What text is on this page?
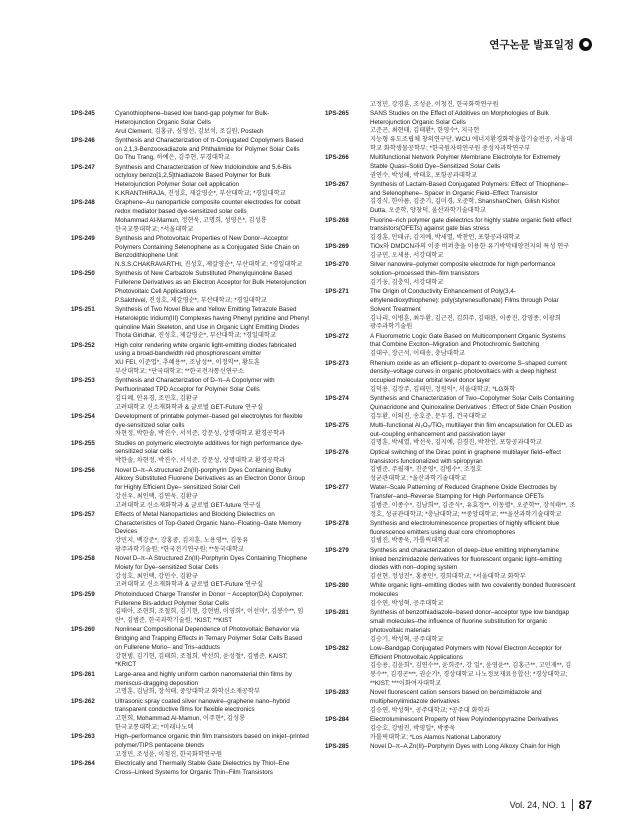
연구논문 발표일정
1PS-245	Cyanothiophene–based low band-gap polymer for Bulk-Heterojunction Organic Solar Cells
Arul Clement, 김홍규, 심영선, 김보석, 조길원, Postech
1PS-246	Synthesis and Characterization of π-Conjugated Copolymers Based on 2,1,3-Benzooxadiazole and Phthalimide for Polymer Solar Cells
Do Thu Trang, 하예은, 김주현, 부경대학교
1PS-247	Synthesis and Characterization of New Indoloindole and 5,6-Bis octyloxy benzo[1,2,5]thiadiazole Based Polymer for Bulk Heterojunction Polymer Solar cell application
K.KRANTHIRAJA, 진성호, 제갈영순*, 부산대학교; *경일대학교
1PS-248	Graphene–Au nanoparticle composite counter electrodes for cobalt redox mediator based dye-sensitized solar cells
Mohammad Al-Mamun, 정현욱, 고명희, 성영은*, 김성룡
한국교통대학교; *서울대학교
1PS-249	Synthesis and Photovoltaic Properties of New Donor–Acceptor Polymers Containing Selenophene as a Conjugated Side Chain on Benzodithiophene Unit
N.S.S.CHAKRAVARTHI, 진성호, 제갈영순*, 부산대학교; *경일대학교
1PS-250	Synthesis of New Carbazole Substituted Phenylquinoline Based Fullerene Derivatives as an Electron Acceptor for Bulk Heterojunction Photovoltaic Cell Applications
P.Sakthivel, 진성호, 제갈영순*, 부산대학교; *경일대학교
1PS-251	Synthesis of Two Novel Blue and Yellow Emitting Tetrazole Based Heteroleptic Iridium(III) Complexes having Phenyl pyridine and Phenyl quinoline Main Skeleton, and Use in Organic Light Emitting Diodes
Thota Giridhar, 진성호, 제갈영순*, 부산대학교; *경일대학교
1PS-252	High color rendering white organic light-emitting diodes fabricated using a broad-bandwidth red phosphorescent emitter
XU FEI, 이준엽*, 추혜용**, 조남성**, 이정익**, 황도훈
부산대학교; *단국대학교; **한국전자통신연구소
1PS-253	Synthesis and Characterization of D–π–A Copolymer with Perfluorinated TPD Acceptor for Polymer Solar Cells
김디혜, 안유경, 조민호, 김환규
고려대학교 신소재화학과 & 글로벌 GET-Future 연구실
1PS-254	Development of printable polymer–based gel electrolytes for flexible dye-sensitized solar cells
차현정, 박한솔, 박진수, 서석준, 강문성, 상명대학교 환경공학과
1PS-255	Studies on polymeric electrolyte additives for high performance dye-sensitized solar cells
박한솔, 차현정, 박진수, 서석준, 강문성, 상명대학교 환경공학과
1PS-256	Novel D–π–A structured Zn(II)-porphyrin Dyes Containing Bulky Alkoxy Substituted Fluorene Derivatives as an Electron Donor Group for Highly Efficient Dye– sensitized Solar Cell
강선우, 최인택, 김연욱, 김환규
고려대학교 신소재화학과 & 글로벌 GET-future 연구실
1PS-257	Effects of Metal Nanoparticles and Blocking Dielectrics on Characteristics of Top-Gated Organic Nano–Floating–Gate Memory Devices
강민지, 백강준*, 강홍중, 김지훈, 노용영**, 김동유
광주과학기술원; *한국전기연구원; **동국대학교
1PS-258	Novel D–π–A Structured Zn(II)-Porphyrin Dyes Containing Thiophene Moiety for Dye–sensitized Solar Cells
강성호, 최인택, 강민수, 김환규
고려대학교 신소재화학과 & 글로벌 GET-Future 연구실
1PS-259	Photoinduced Charge Transfer in Donor − Acceptor(DA) Copolymer: Fullerene Bis-adduct Polymer Solar Cells
김태아, 조현희, 조철희, 김기현, 강현범, 이영희*, 이선미*, 김봉수**, 임란*, 김범준, 한국과학기술원; *KIST; **KIST
1PS-260	Nonlinear Compositional Dependence of Photovoltaic Behavior via Bridging and Trapping Effects in Ternary Polymer Solar Cells Based on Fullerene Mono– and Tris–adducts
강현범, 김기현, 김태희, 조철희, 박선희, 윤성철*, 김범준, KAIST; *KRICT
1PS-261	Large-area and highly uniform carbon nanomaterial thin films by meniscus-dragging deposition
고명훈, 김남희, 장석태, 중앙대학교 화학신소재공학부
1PS-262	Ultrasonic spray coated silver nanowire–graphene nano–hybrid transparent conductive films for flexible electronics
고현희, Mohammad Al-Mamun, 이주현*, 김성룡
한국교통대학교; *미래나노텍
1PS-263	High–performance organic thin film transistors based on inkjet–printed polymer/TIPS pentacene blends
고정민, 조성윤, 이청진, 한국화학연구원
1PS-264	Electrically and Thermally Stable Gate Dielectrics by Thiol–Ene Cross–Linked Systems for Organic Thin–Film Transistors
고정민, 강경훈, 조성윤, 이청진, 한국화학연구원
1PS-265	SANS Studies on the Effect of Additives on Morphologies of Bulk Heterojunction Organic Solar Cells
고준곤, 최현태, 김태환*, 한영수*, 지극헌
지능형 유도조립체 창의연구단, WCU 에너지환경화학융합기술전공, 서울대학교 화학생물공학부; *한국원자력연구원 중성자과학연구부
1PS-266	Multifunctional Network Polymer Membrane Electrolyte for Extremely Stable Quasi–Solid Dye–Sensitized Solar Cells
권연수, 박성해, 박태호, 포항공과대학교
1PS-267	Synthesis of Lactam-Based Conjugated Polymers: Effect of Thiophene– and Selenophene– Spacer in Organic Field–Effect Transistor
김경식, 한아름, 김준기, 김미경, 오준학, ShanshanChen, Gilish Kishor Dutta, 오준학, 양창덕, 울산과학기술대학교
1PS-268	Fluorine–rich polymer gate dielectrics for highly stable organic field effect transistors(OFETs) against gate bias stress
김경훈, 안태규, 김지예, 박세열, 박찬언, 포항공과대학교
1PS-269	TiOx와 DMDCN과의 이중 버퍼층을 이용한 유기박막태양전지의 특성 연구
김규민, 오세용, 서강대학교
1PS-270	Silver nanowire–polymer composite electrode for high performance solution–processed thin–film transistors
김기웅, 김충익, 서강대학교
1PS-271	The Origin of Conductivity Enhancement of Poly(3,4-ethylenedioxythiophene): poly(styrenesulfonate) Films through Polar Solvent Treatment
김나리, 이병훈, 최두환, 김근진, 김희주, 김태완, 이종진, 강영종, 이광희
광주과학기술원
1PS-272	A Fluorometric Logic Gate Based on Multicomponent Organic Systems that Combine Exciton–Migration and Photochromic Switching
김대구, 장근석, 이태송, 충남대학교
1PS-273	Rhenium oxide as an efficient p–dopant to overcome S–shaped current density–voltage curves in organic photovoltaics with a deep highest occupied molecular orbital level donor layer
김덕용, 김장주, 김태민, 정원익*, 서울대학교; *LG화학
1PS-274	Synthesis and Characterization of Two–Copolymer Solar Cells Containing Quinacridone and Quinoxaline Derivatives : Effect of Side Chain Position
김두환, 이의진, 송호준, 문두경, 건국대학교
1PS-275	Multi–functional Al₂O₃/TiO₂ multilayer thin film encapsulation for OLED as out–coupling enhancement and passivation layer
김명훈, 박세열, 박선욱, 김지예, 김경진, 박찬언, 포항공과대학교
1PS-276	Optical switching of the Dirac point in graphene multilayer field–effect transistors functionalized with spiropyran
김범준, 주필재*, 진준영*, 김병수*, 조정호
성균관대학교; *울산과학기술대학교
1PS-277	Water–Scale Patterning of Reduced Graphene Oxide Electrodes by Transfer–and–Reverse Stamping for High Performance OFETs
김범준, 이종수*, 김남희**, 김준식*, 유효정**, 이동렬*, 오준학**, 장석태**, 조정호, 성균관대학교; *충남대학교; **중앙대학교; ***울산과학기술대학교
1PS-278	Synthesis and electroluminescence properties of highly efficient blue fluorescence emitters using dual core chromophores
김범진, 박종욱, 가톨릭대학교
1PS-279	Synthesis and characterization of deep–blue emitting triphenylamine linked benzimidazole derivatives for fluorescent organic light–emitting diodes with non–doping system
김선현, 정성진*, 홍종민*, 경희대학교; *서울대학교 화학부
1PS-280	White organic light–emitting diodes with two covalently bonded fluorescent molecules
김수연, 박성혁, 공주대학교
1PS-281	Synthesis of benzothiadiazole–based donor–acceptor type low bandgap small molecules–the influence of fluorine substitution for organic photovoltaic materials
김승기, 박성혁, 공주대학교
1PS-282	Low–Bandgap Conjugated Polymers with Novel Electron Acceptor for Efficient Photovoltaic Applications
김승용, 김윤희*, 김연수**, 윤희준*, 강 일*, 윤영윤**, 김홍근**, 고민재**, 김봉수**, 김경곤***, 권순기*, 경상대학교 나노정보재료응합신; *경상대학교; **KIST; ***이화여자대학교
1PS-283	Novel fluorescent cation sensors based on benzimidazole and multiphenylimidazole derivatives
김승연, 박성혁*, 공주대학교; *공주대 화학과
1PS-284	Electroluminescent Property of New Polyindenopyrazine Derivatives
김승호, 강범진, 박영일*, 박종욱
가톨릭대학교; *Los Alamos National Laboratory
1PS-285	Novel D–π–A Zn(II)–Porphyrin Dyes with Long Alkoxy Chain for High
Vol. 24, NO. 1 87
